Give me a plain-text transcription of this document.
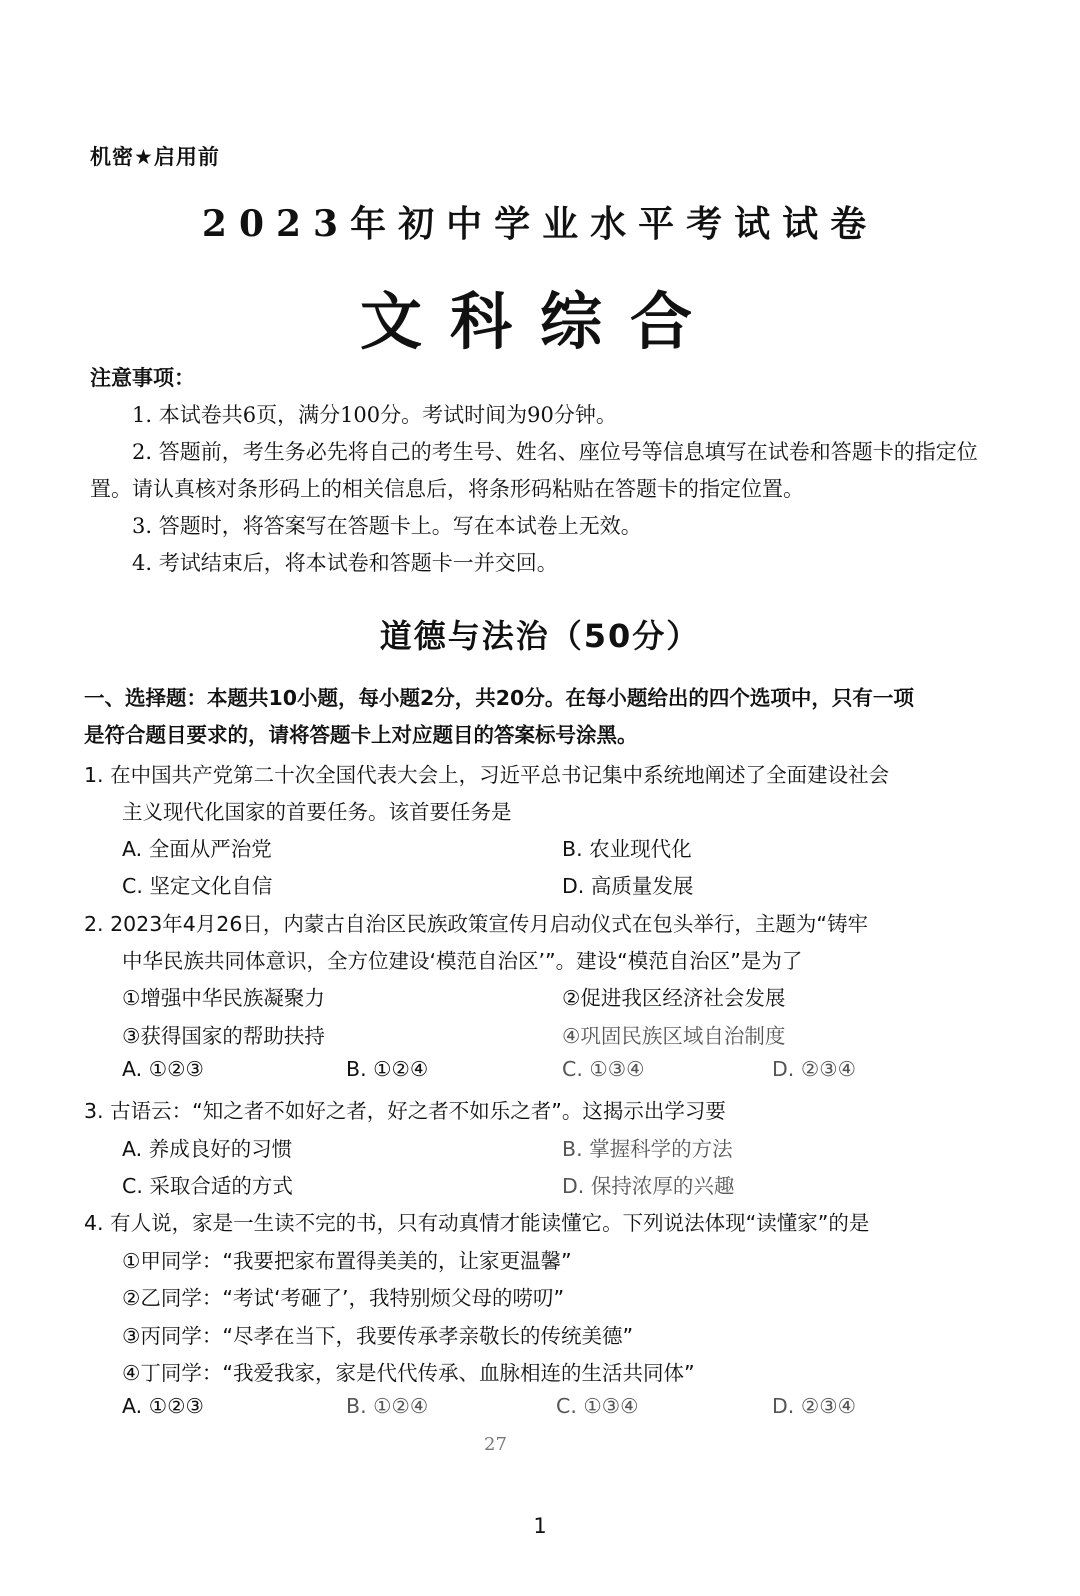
机密★启用前
2023年初中学业水平考试试卷
文科综合
注意事项：
1. 本试卷共6页，满分100分。考试时间为90分钟。
2. 答题前，考生务必先将自己的考生号、姓名、座位号等信息填写在试卷和答题卡的指定位置。请认真核对条形码上的相关信息后，将条形码粘贴在答题卡的指定位置。
3. 答题时，将答案写在答题卡上。写在本试卷上无效。
4. 考试结束后，将本试卷和答题卡一并交回。
道德与法治（50分）
一、选择题：本题共10小题，每小题2分，共20分。在每小题给出的四个选项中，只有一项是符合题目要求的，请将答题卡上对应题目的答案标号涂黑。
1. 在中国共产党第二十次全国代表大会上，习近平总书记集中系统地阐述了全面建设社会
主义现代化国家的首要任务。该首要任务是
A. 全面从严治党	B. 农业现代化
C. 坚定文化自信	D. 高质量发展
2. 2023年4月26日，内蒙古自治区民族政策宣传月启动仪式在包头举行，主题为“铸牢
中华民族共同体意识，全方位建设‘模范自治区’”。建设“模范自治区”是为了
①增强中华民族凝聚力	②促进我区经济社会发展
③获得国家的帮助扶持	④巩固民族区域自治制度
A. ①②③	B. ①②④	C. ①③④	D. ②③④
3. 古语云：“知之者不如好之者，好之者不如乐之者”。这揭示出学习要
A. 养成良好的习惯	B. 掌握科学的方法
C. 采取合适的方式	D. 保持浓厚的兴趣
4. 有人说，家是一生读不完的书，只有动真情才能读懂它。下列说法体现“读懂家”的是
①甲同学：“我要把家布置得美美的，让家更温馨”
②乙同学：“考试‘考砸了’，我特别烦父母的唠叨”
③丙同学：“尽孝在当下，我要传承孝亲敬长的传统美德”
④丁同学：“我爱我家，家是代代传承、血脉相连的生活共同体”
A. ①②③	B. ①②④	C. ①③④	D. ②③④
27
1
